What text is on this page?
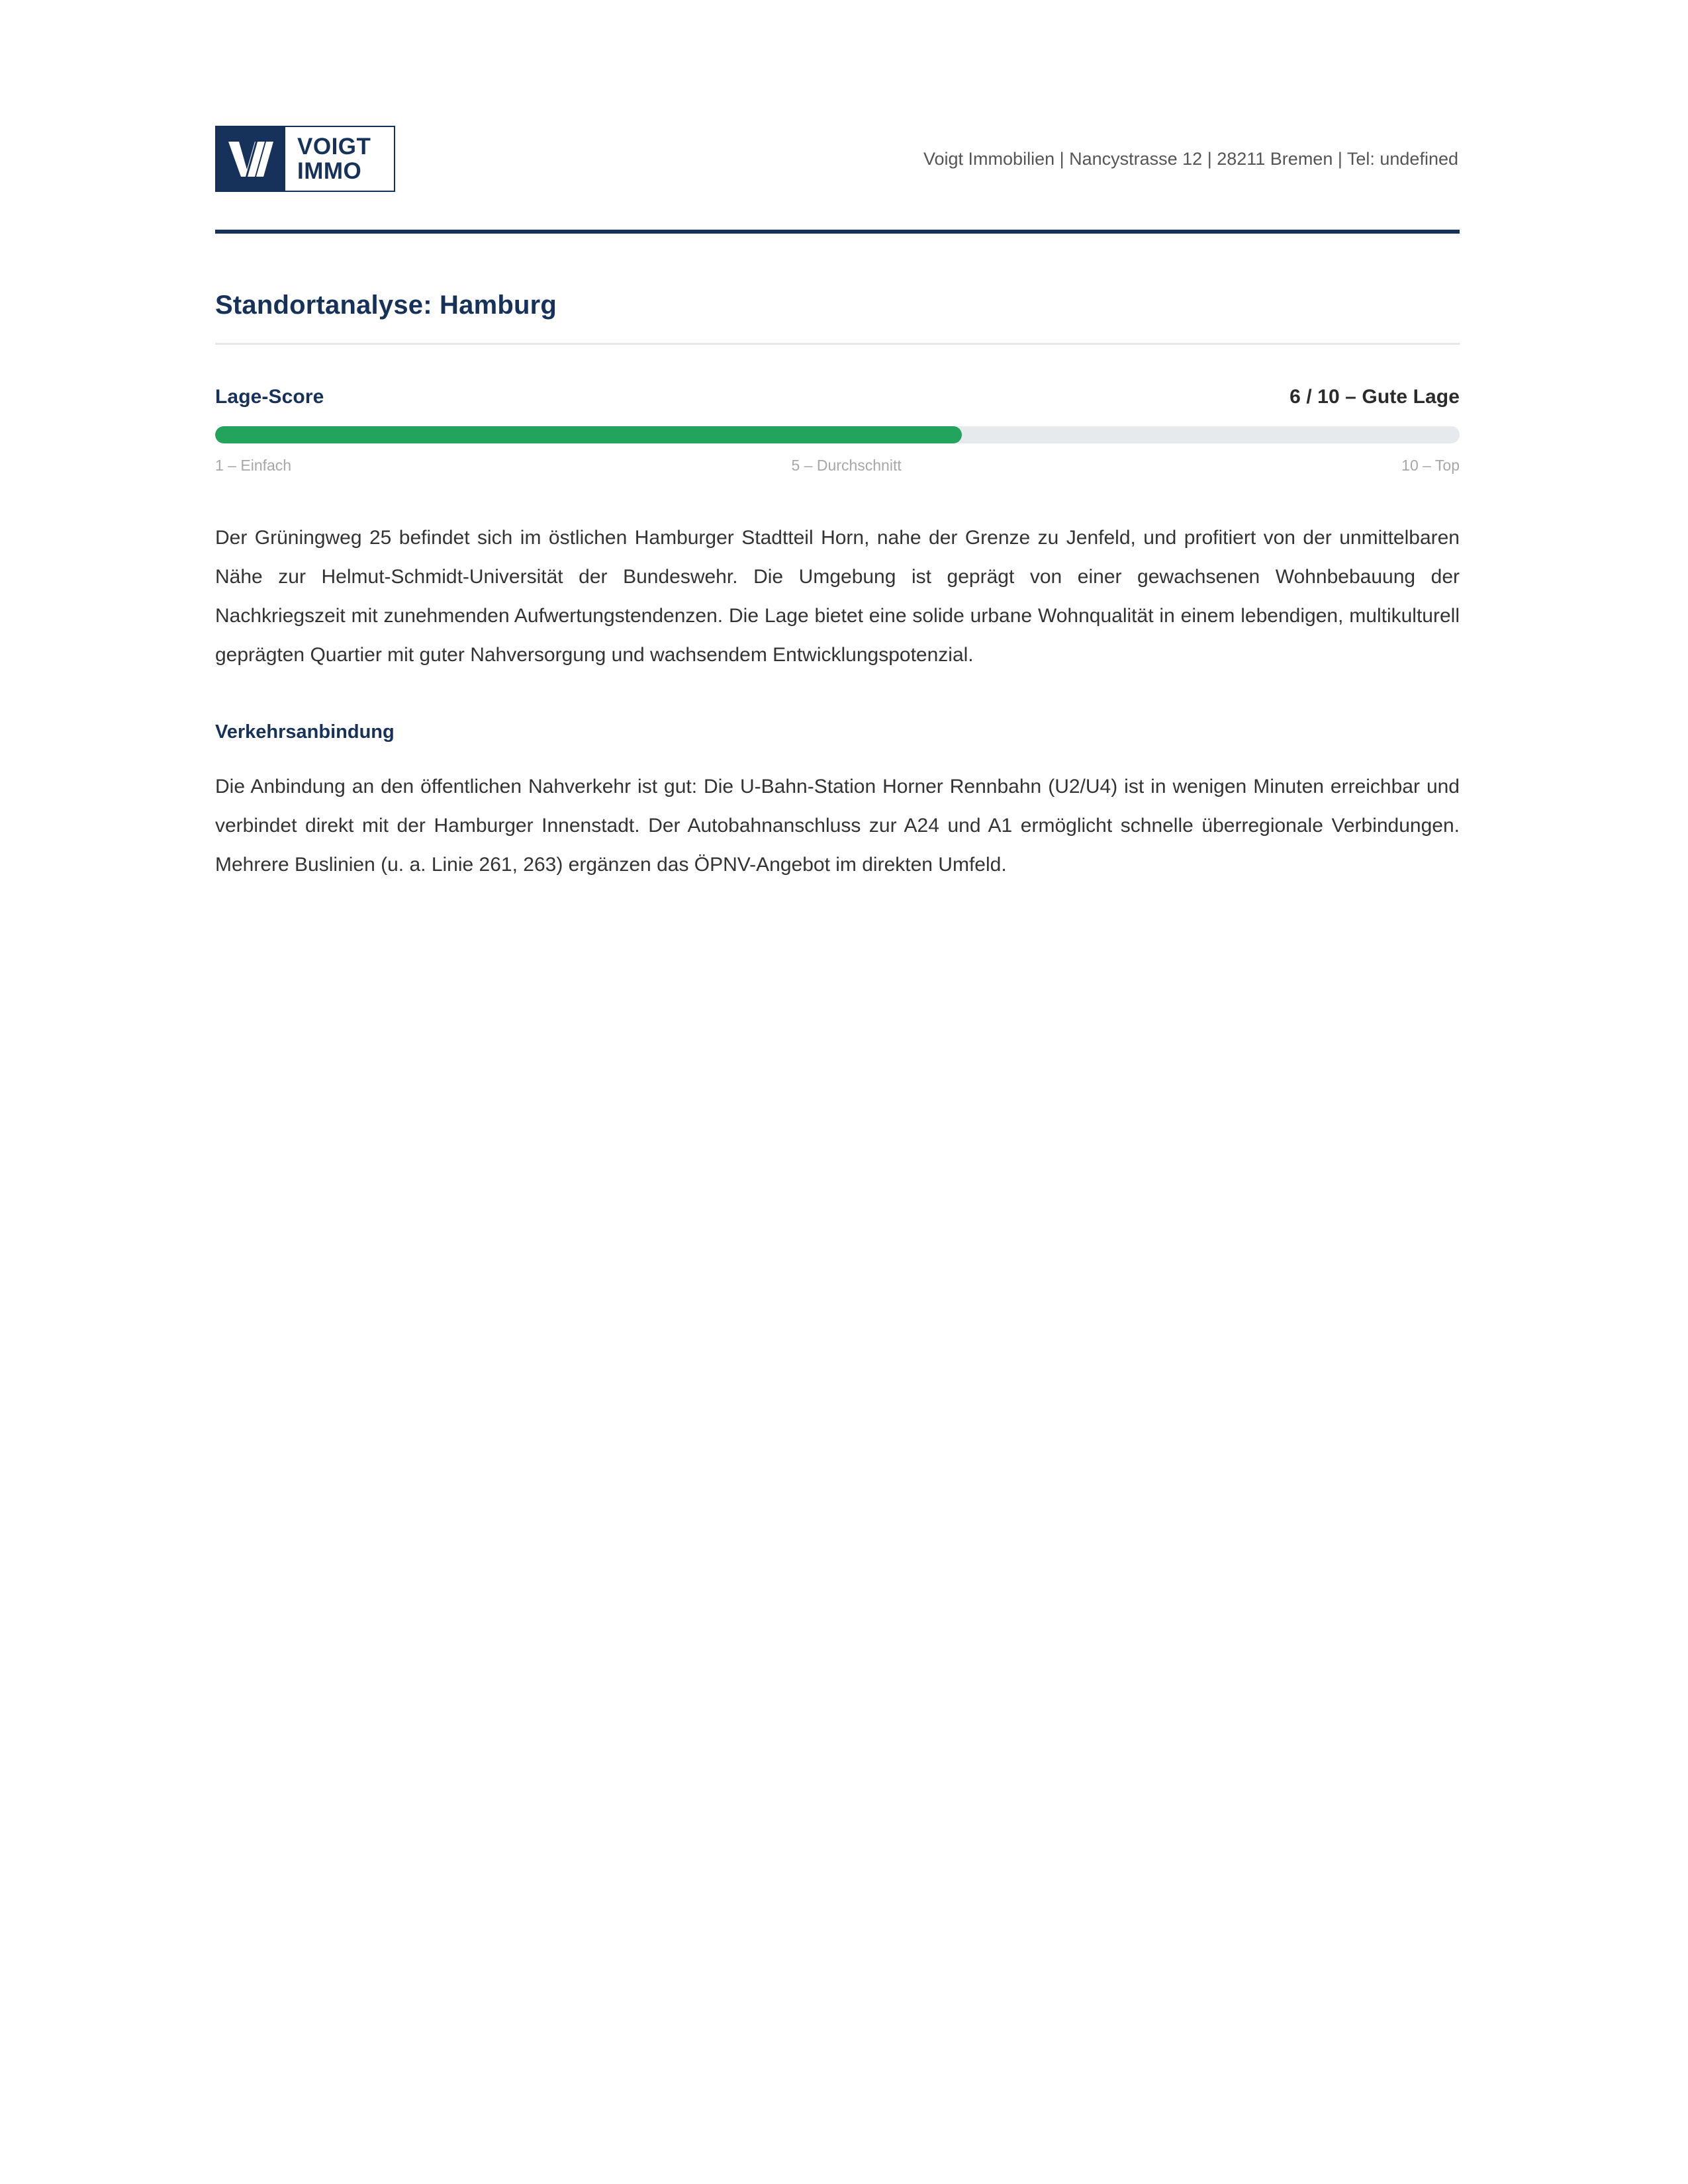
VOIGT
IMMO	Voigt Immobilien | Nancystrasse 12 | 28211 Bremen | Tel: undefined
Standortanalyse: Hamburg
Lage-Score	6 / 10 – Gute Lage
1 – Einfach	5 – Durchschnitt	10 – Top

Der Grüningweg 25 befindet sich im östlichen Hamburger Stadtteil Horn, nahe der Grenze zu Jenfeld, und profitiert von der unmittelbaren Nähe zur Helmut-Schmidt-Universität der Bundeswehr. Die Umgebung ist geprägt von einer gewachsenen Wohnbebauung der Nachkriegszeit mit zunehmenden Aufwertungstendenzen. Die Lage bietet eine solide urbane Wohnqualität in einem lebendigen, multikulturell geprägten Quartier mit guter Nahversorgung und wachsendem Entwicklungspotenzial.

Verkehrsanbindung

Die Anbindung an den öffentlichen Nahverkehr ist gut: Die U-Bahn-Station Horner Rennbahn (U2/U4) ist in wenigen Minuten erreichbar und verbindet direkt mit der Hamburger Innenstadt. Der Autobahnanschluss zur A24 und A1 ermöglicht schnelle überregionale Verbindungen. Mehrere Buslinien (u. a. Linie 261, 263) ergänzen das ÖPNV-Angebot im direkten Umfeld.
